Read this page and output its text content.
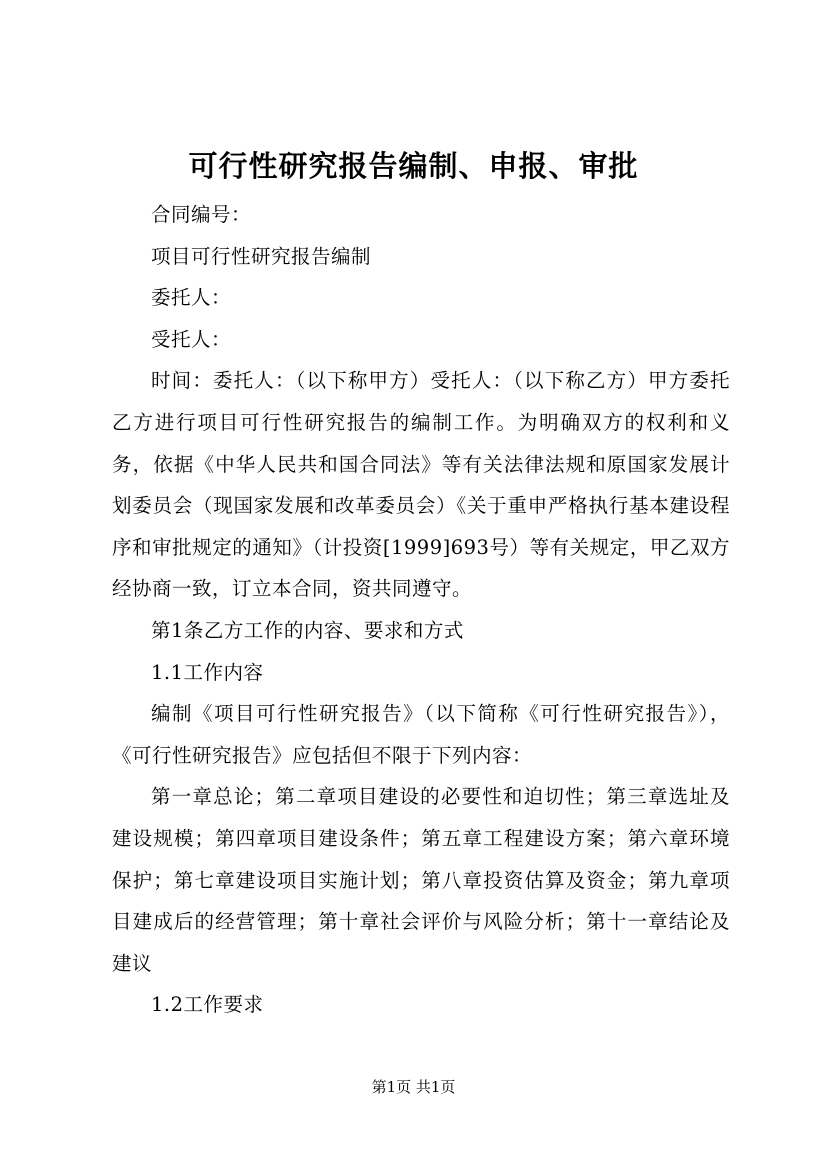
可行性研究报告编制、申报、审批

合同编号：

项目可行性研究报告编制

委托人：

受托人：

时间：委托人：（以下称甲方）受托人：（以下称乙方）甲方委托乙方进行项目可行性研究报告的编制工作。为明确双方的权利和义务，依据《中华人民共和国合同法》等有关法律法规和原国家发展计划委员会（现国家发展和改革委员会）《关于重申严格执行基本建设程序和审批规定的通知》（计投资[1999]693号）等有关规定，甲乙双方经协商一致，订立本合同，资共同遵守。

第1条乙方工作的内容、要求和方式

1.1工作内容

编制《项目可行性研究报告》（以下简称《可行性研究报告》），《可行性研究报告》应包括但不限于下列内容：

第一章总论；第二章项目建设的必要性和迫切性；第三章选址及建设规模；第四章项目建设条件；第五章工程建设方案；第六章环境保护；第七章建设项目实施计划；第八章投资估算及资金；第九章项目建成后的经营管理；第十章社会评价与风险分析；第十一章结论及建议

1.2工作要求

第1页 共1页
